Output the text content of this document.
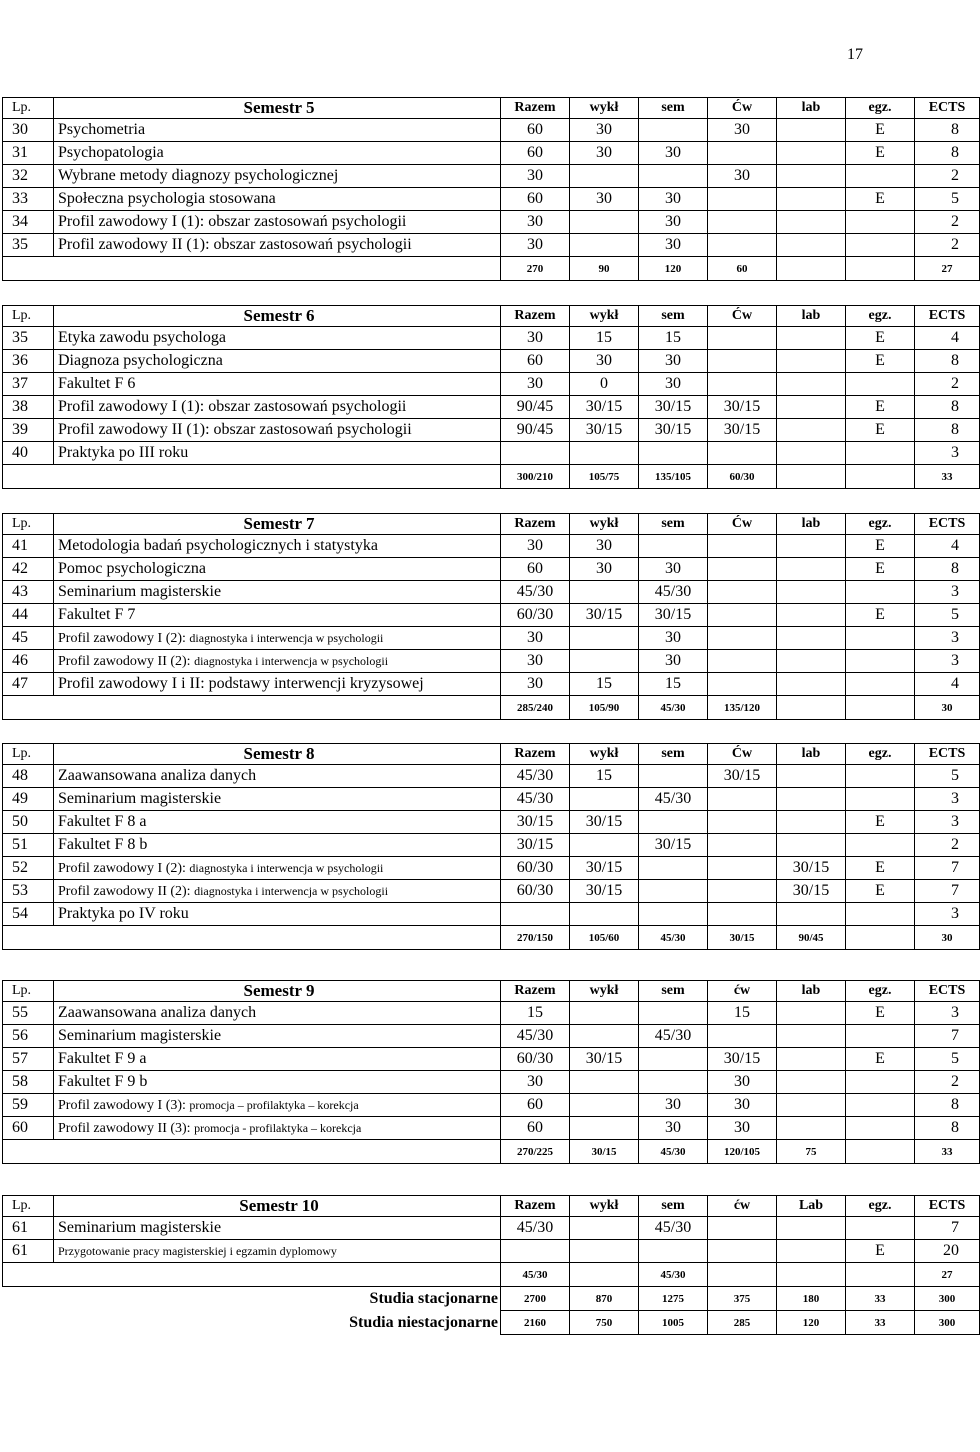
17
Lp.	Semestr 5	Razem	wykł	sem	Ćw	lab	egz.	ECTS
30	Psychometria	60	30		30		E	8
31	Psychopatologia	60	30	30			E	8
32	Wybrane metody diagnozy psychologicznej	30			30			2
33	Społeczna psychologia stosowana	60	30	30			E	5
34	Profil zawodowy I (1): obszar zastosowań psychologii	30		30				2
35	Profil zawodowy II (1): obszar zastosowań psychologii	30		30				2
		270	90	120	60			27
Lp.	Semestr 6	Razem	wykł	sem	Ćw	lab	egz.	ECTS
35	Etyka zawodu psychologa	30	15	15			E	4
36	Diagnoza psychologiczna	60	30	30			E	8
37	Fakultet F 6	30	0	30				2
38	Profil zawodowy I (1): obszar zastosowań psychologii	90/45	30/15	30/15	30/15		E	8
39	Profil zawodowy II (1): obszar zastosowań psychologii	90/45	30/15	30/15	30/15		E	8
40	Praktyka po III roku							3
		300/210	105/75	135/105	60/30			33
Lp.	Semestr 7	Razem	wykł	sem	Ćw	lab	egz.	ECTS
41	Metodologia badań psychologicznych i statystyka	30	30				E	4
42	Pomoc psychologiczna	60	30	30			E	8
43	Seminarium magisterskie	45/30		45/30				3
44	Fakultet F 7	60/30	30/15	30/15			E	5
45	Profil zawodowy I (2): diagnostyka i interwencja w psychologii	30		30				3
46	Profil zawodowy II (2): diagnostyka i interwencja w psychologii	30		30				3
47	Profil zawodowy I i II: podstawy interwencji kryzysowej	30	15	15				4
		285/240	105/90	45/30	135/120			30
Lp.	Semestr 8	Razem	wykł	sem	Ćw	lab	egz.	ECTS
48	Zaawansowana analiza danych	45/30	15		30/15			5
49	Seminarium magisterskie	45/30		45/30				3
50	Fakultet F 8 a	30/15	30/15				E	3
51	Fakultet F 8 b	30/15		30/15				2
52	Profil zawodowy I (2): diagnostyka i interwencja w psychologii	60/30	30/15			30/15	E	7
53	Profil zawodowy II (2): diagnostyka i interwencja w psychologii	60/30	30/15			30/15	E	7
54	Praktyka po IV roku							3
		270/150	105/60	45/30	30/15	90/45		30
Lp.	Semestr 9	Razem	wykł	sem	ćw	lab	egz.	ECTS
55	Zaawansowana analiza danych	15			15		E	3
56	Seminarium magisterskie	45/30		45/30				7
57	Fakultet F 9 a	60/30	30/15		30/15		E	5
58	Fakultet F 9 b	30			30			2
59	Profil zawodowy I (3): promocja – profilaktyka – korekcja	60		30	30			8
60	Profil zawodowy II (3): promocja - profilaktyka – korekcja	60		30	30			8
		270/225	30/15	45/30	120/105	75		33
Lp.	Semestr 10	Razem	wykł	sem	ćw	Lab	egz.	ECTS
61	Seminarium magisterskie	45/30		45/30				7
61	Przygotowanie pracy magisterskiej i egzamin dyplomowy						E	20
		45/30		45/30				27
Studia stacjonarne		2700	870	1275	375	180	33	300
Studia niestacjonarne		2160	750	1005	285	120	33	300
